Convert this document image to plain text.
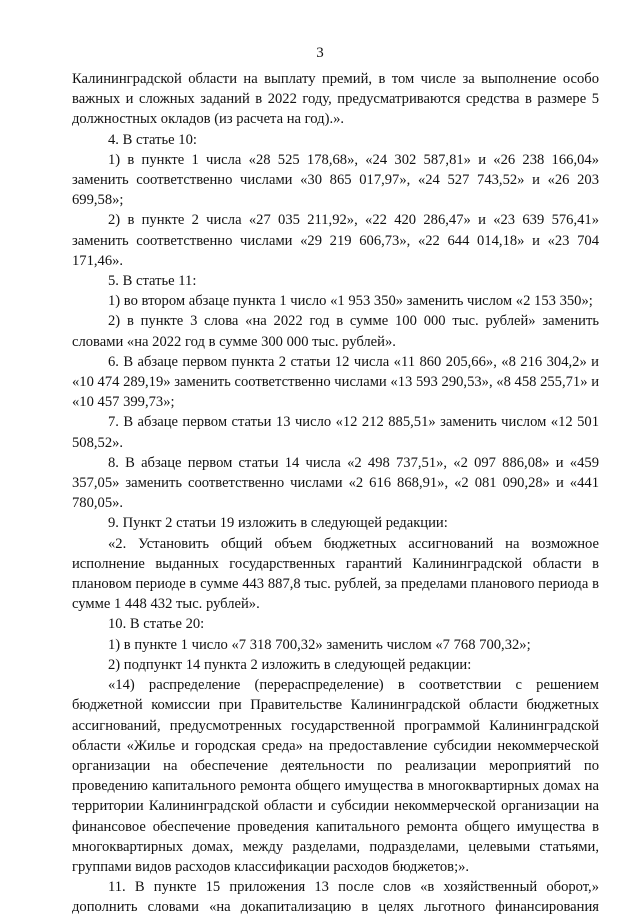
3

Калининградской области на выплату премий, в том числе за выполнение особо важных и сложных заданий в 2022 году, предусматриваются средства в размере 5 должностных окладов (из расчета на год).».

4. В статье 10:

1) в пункте 1 числа «28 525 178,68», «24 302 587,81» и «26 238 166,04» заменить соответственно числами «30 865 017,97», «24 527 743,52» и «26 203 699,58»;

2) в пункте 2 числа «27 035 211,92», «22 420 286,47» и «23 639 576,41» заменить соответственно числами «29 219 606,73», «22 644 014,18» и «23 704 171,46».

5. В статье 11:

1) во втором абзаце пункта 1 число «1 953 350» заменить числом «2 153 350»;

2) в пункте 3 слова «на 2022 год в сумме 100 000 тыс. рублей» заменить словами «на 2022 год в сумме 300 000 тыс. рублей».

6. В абзаце первом пункта 2 статьи 12 числа «11 860 205,66», «8 216 304,2» и «10 474 289,19» заменить соответственно числами «13 593 290,53», «8 458 255,71» и «10 457 399,73»;

7. В абзаце первом статьи 13 число «12 212 885,51» заменить числом «12 501 508,52».

8. В абзаце первом статьи 14 числа «2 498 737,51», «2 097 886,08» и «459 357,05» заменить соответственно числами «2 616 868,91», «2 081 090,28» и «441 780,05».

9. Пункт 2 статьи 19 изложить в следующей редакции:

«2. Установить общий объем бюджетных ассигнований на возможное исполнение выданных государственных гарантий Калининградской области в плановом периоде в сумме 443 887,8 тыс. рублей, за пределами планового периода в сумме 1 448 432 тыс. рублей».

10. В статье 20:

1) в пункте 1 число «7 318 700,32» заменить числом «7 768 700,32»;

2) подпункт 14 пункта 2 изложить в следующей редакции:

«14) распределение (перераспределение) в соответствии с решением бюджетной комиссии при Правительстве Калининградской области бюджетных ассигнований, предусмотренных государственной программой Калининградской области «Жилье и городская среда» на предоставление субсидии некоммерческой организации на обеспечение деятельности по реализации мероприятий по проведению капитального ремонта общего имущества в многоквартирных домах на территории Калининградской области и субсидии некоммерческой организации на финансовое обеспечение проведения капитального ремонта общего имущества в многоквартирных домах, между разделами, подразделами, целевыми статьями, группами видов расходов классификации расходов бюджетов;».

11. В пункте 15 приложения 13 после слов «в хозяйственный оборот,» дополнить словами «на докапитализацию в целях льготного финансирования
